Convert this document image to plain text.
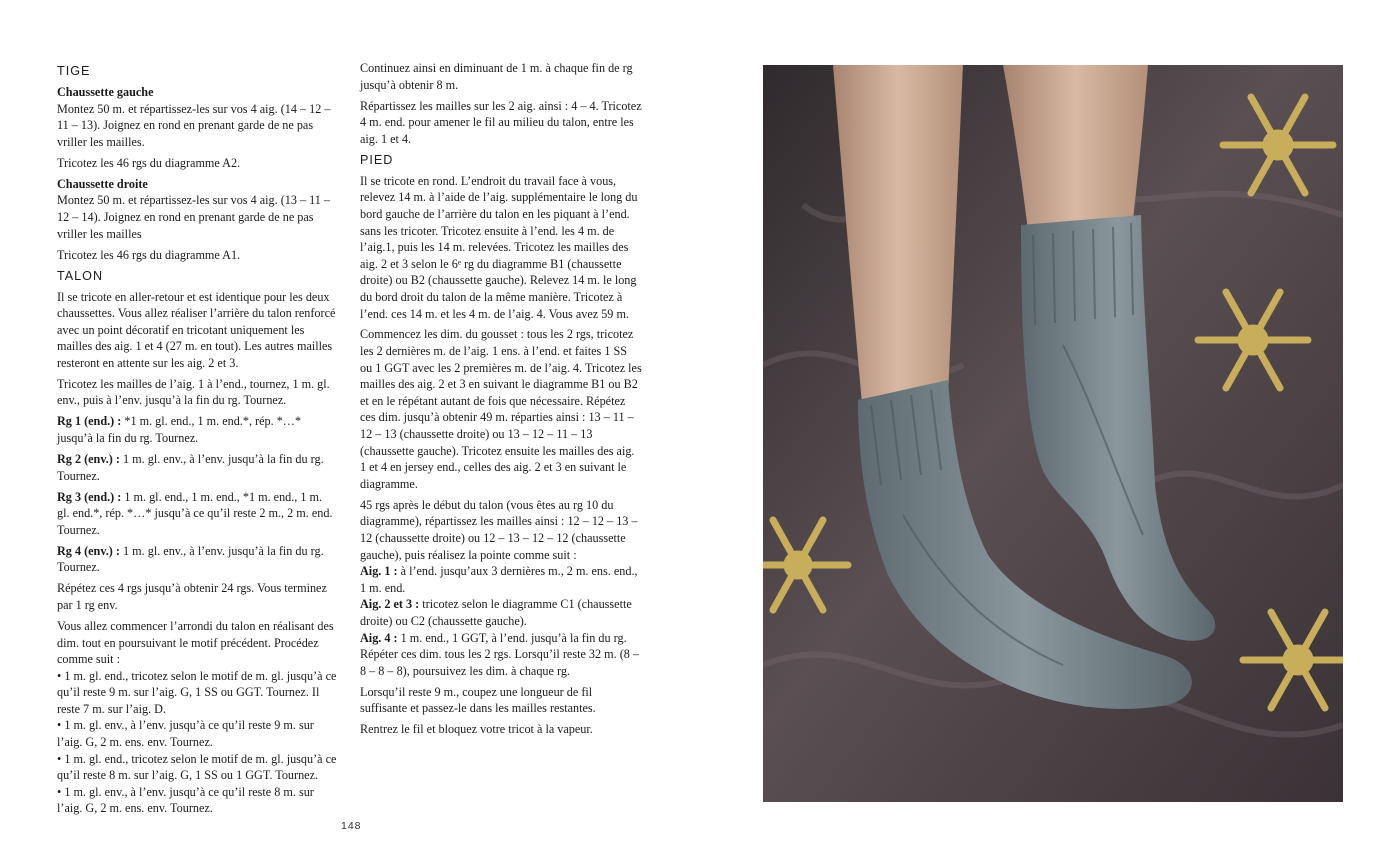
TIGE

Chaussette gauche

Montez 50 m. et répartissez-les sur vos 4 aig. (14 – 12 – 11 – 13). Joignez en rond en prenant garde de ne pas vriller les mailles.

Tricotez les 46 rgs du diagramme A2.

Chaussette droite

Montez 50 m. et répartissez-les sur vos 4 aig. (13 – 11 – 12 – 14). Joignez en rond en prenant garde de ne pas vriller les mailles

Tricotez les 46 rgs du diagramme A1.

TALON

Il se tricote en aller-retour et est identique pour les deux chaussettes. Vous allez réaliser l’arrière du talon renforcé avec un point décoratif en tricotant uniquement les mailles des aig. 1 et 4 (27 m. en tout). Les autres mailles resteront en attente sur les aig. 2 et 3.

Tricotez les mailles de l’aig. 1 à l’end., tournez, 1 m. gl. env., puis à l’env. jusqu’à la fin du rg. Tournez.

Rg 1 (end.) : *1 m. gl. end., 1 m. end.*, rép. *…* jusqu’à la fin du rg. Tournez.

Rg 2 (env.) : 1 m. gl. env., à l’env. jusqu’à la fin du rg. Tournez.

Rg 3 (end.) : 1 m. gl. end., 1 m. end., *1 m. end., 1 m. gl. end.*, rép. *…* jusqu’à ce qu’il reste 2 m., 2 m. end. Tournez.

Rg 4 (env.) : 1 m. gl. env., à l’env. jusqu’à la fin du rg. Tournez.

Répétez ces 4 rgs jusqu’à obtenir 24 rgs. Vous terminez par 1 rg env.

Vous allez commencer l’arrondi du talon en réalisant des dim. tout en poursuivant le motif précédent. Procédez comme suit :

• 1 m. gl. end., tricotez selon le motif de m. gl. jusqu’à ce qu’il reste 9 m. sur l’aig. G, 1 SS ou GGT. Tournez. Il reste 7 m. sur l’aig. D.

• 1 m. gl. env., à l’env. jusqu’à ce qu’il reste 9 m. sur l’aig. G, 2 m. ens. env. Tournez.

• 1 m. gl. end., tricotez selon le motif de m. gl. jusqu’à ce qu’il reste 8 m. sur l’aig. G, 1 SS ou 1 GGT. Tournez.

• 1 m. gl. env., à l’env. jusqu’à ce qu’il reste 8 m. sur l’aig. G, 2 m. ens. env. Tournez.

Continuez ainsi en diminuant de 1 m. à chaque fin de rg jusqu’à obtenir 8 m.

Répartissez les mailles sur les 2 aig. ainsi : 4 – 4. Tricotez 4 m. end. pour amener le fil au milieu du talon, entre les aig. 1 et 4.

PIED

Il se tricote en rond. L’endroit du travail face à vous, relevez 14 m. à l’aide de l’aig. supplémentaire le long du bord gauche de l’arrière du talon en les piquant à l’end. sans les tricoter. Tricotez ensuite à l’end. les 4 m. de l’aig.1, puis les 14 m. relevées. Tricotez les mailles des aig. 2 et 3 selon le 6ᵉ rg du diagramme B1 (chaussette droite) ou B2 (chaussette gauche). Relevez 14 m. le long du bord droit du talon de la même manière. Tricotez à l’end. ces 14 m. et les 4 m. de l’aig. 4. Vous avez 59 m.

Commencez les dim. du gousset : tous les 2 rgs, tricotez les 2 dernières m. de l’aig. 1 ens. à l’end. et faites 1 SS ou 1 GGT avec les 2 premières m. de l’aig. 4. Tricotez les mailles des aig. 2 et 3 en suivant le diagramme B1 ou B2 et en le répétant autant de fois que nécessaire. Répétez ces dim. jusqu’à obtenir 49 m. réparties ainsi : 13 – 11 – 12 – 13 (chaussette droite) ou 13 – 12 – 11 – 13 (chaussette gauche). Tricotez ensuite les mailles des aig. 1 et 4 en jersey end., celles des aig. 2 et 3 en suivant le diagramme.

45 rgs après le début du talon (vous êtes au rg 10 du diagramme), répartissez les mailles ainsi : 12 – 12 – 13 – 12 (chaussette droite) ou 12 – 13 – 12 – 12 (chaussette gauche), puis réalisez la pointe comme suit :

Aig. 1 : à l’end. jusqu’aux 3 dernières m., 2 m. ens. end., 1 m. end.

Aig. 2 et 3 : tricotez selon le diagramme C1 (chaussette droite) ou C2 (chaussette gauche).

Aig. 4 : 1 m. end., 1 GGT, à l’end. jusqu’à la fin du rg. Répéter ces dim. tous les 2 rgs. Lorsqu’il reste 32 m. (8 – 8 – 8 – 8), poursuivez les dim. à chaque rg.

Lorsqu’il reste 9 m., coupez une longueur de fil suffisante et passez-le dans les mailles restantes.

Rentrez le fil et bloquez votre tricot à la vapeur.

148
